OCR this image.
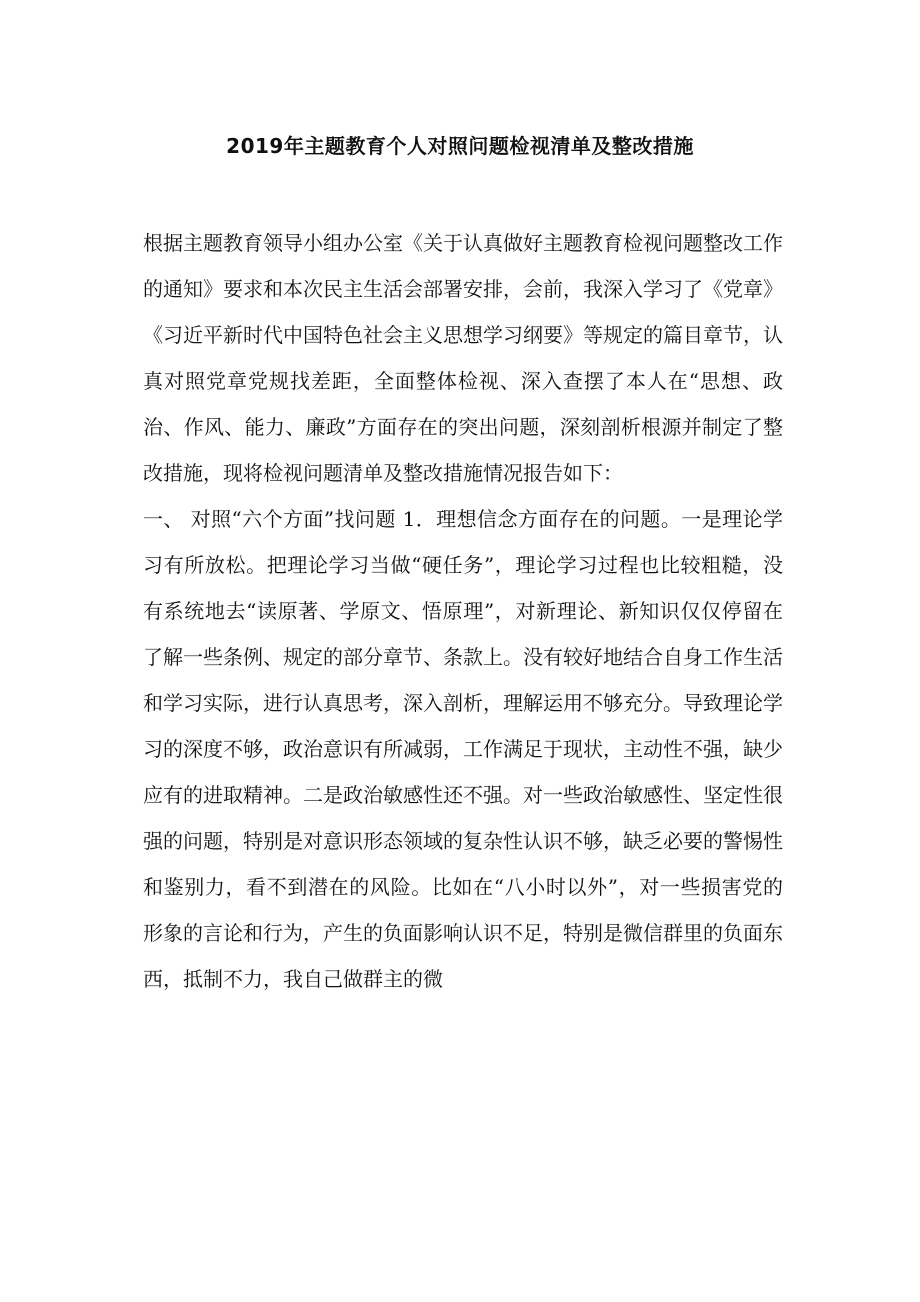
2019年主题教育个人对照问题检视清单及整改措施

根据主题教育领导小组办公室《关于认真做好主题教育检视问题整改工作的通知》要求和本次民主生活会部署安排，会前，我深入学习了《党章》《习近平新时代中国特色社会主义思想学习纲要》等规定的篇目章节，认真对照党章党规找差距，全面整体检视、深入查摆了本人在“思想、政治、作风、能力、廉政”方面存在的突出问题，深刻剖析根源并制定了整改措施，现将检视问题清单及整改措施情况报告如下：

一、 对照“六个方面”找问题 1．理想信念方面存在的问题。一是理论学习有所放松。把理论学习当做“硬任务”，理论学习过程也比较粗糙，没有系统地去“读原著、学原文、悟原理”，对新理论、新知识仅仅停留在了解一些条例、规定的部分章节、条款上。没有较好地结合自身工作生活和学习实际，进行认真思考，深入剖析，理解运用不够充分。导致理论学习的深度不够，政治意识有所减弱，工作满足于现状，主动性不强，缺少应有的进取精神。二是政治敏感性还不强。对一些政治敏感性、坚定性很强的问题，特别是对意识形态领域的复杂性认识不够，缺乏必要的警惕性和鉴别力，看不到潜在的风险。比如在“八小时以外”，对一些损害党的形象的言论和行为，产生的负面影响认识不足，特别是微信群里的负面东西，抵制不力，我自己做群主的微
